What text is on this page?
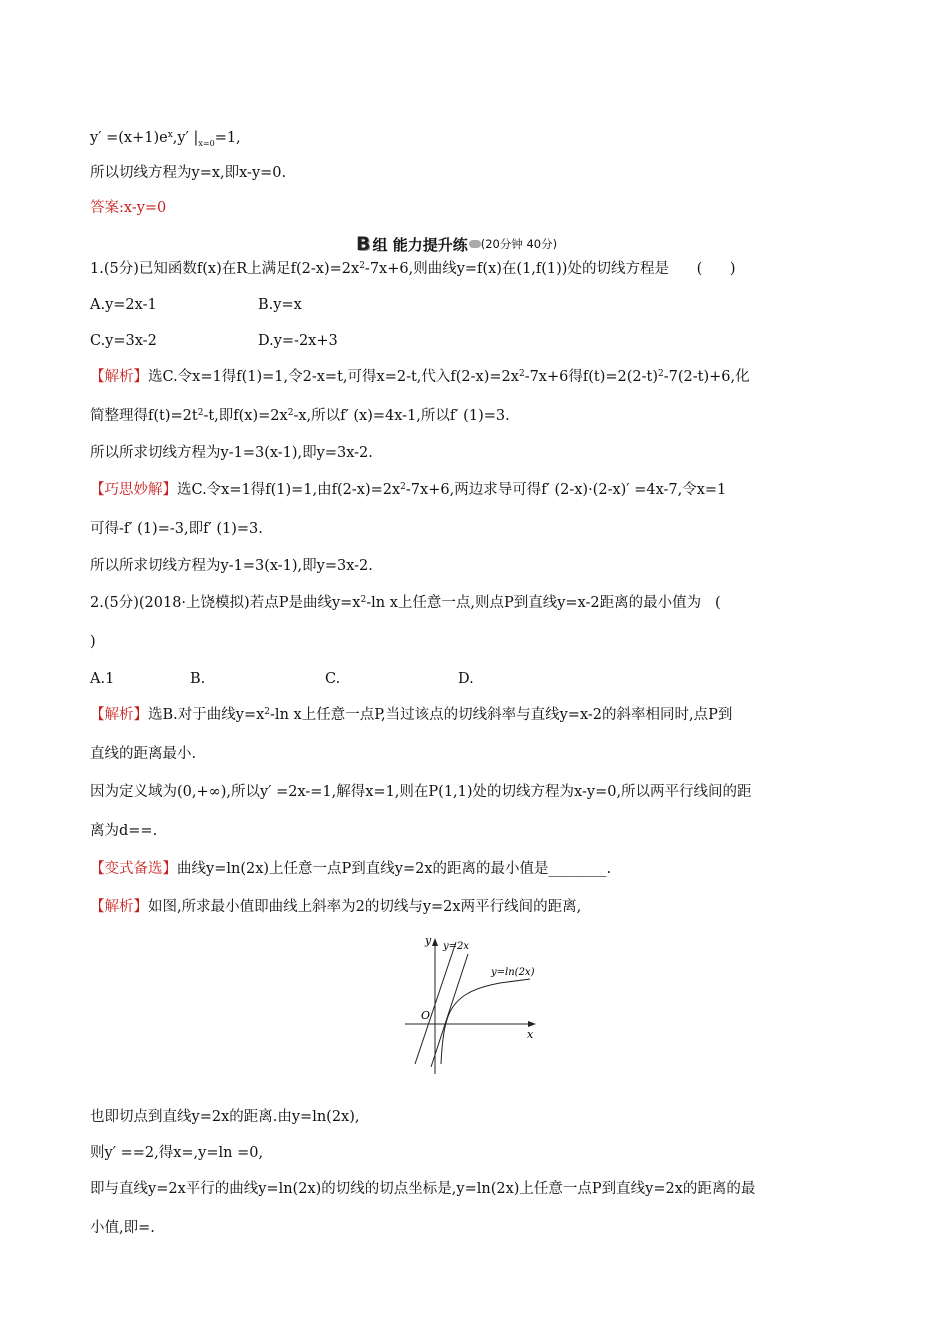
$y' =(x+1)e^x,y'$ $|_{x=0}=1$,
所以切线方程为y=x,即x-y=0.
答案:x-y=0
B 组 能力提升练 (20分钟 40分)
1.(5分)已知函数f(x)在R上满足$f(2-x)=2x^2-7x+6$,则曲线y=f(x)在(1,f(1))处的切线方程是      (      )
A.y=2x-1	B.y=x
C.y=3x-2	D.y=-2x+3
【解析】选C.令x=1得f(1)=1,令2-x=t,可得x=2-t,代入$f(2-x)=2x^2-7x+6$得$f(t)=2(2-t)^2-7(2-t)+6$,化
简整理得$f(t)=2t^2-t$,即$f(x)=2x^2-x$,所以f′ (x)=4x-1,所以f′ (1)=3.
所以所求切线方程为y-1=3(x-1),即y=3x-2.
【巧思妙解】选C.令x=1得f(1)=1,由$f(2-x)=2x^2-7x+6$,两边求导可得f′ (2-x)·(2-x)′ =4x-7,令x=1
可得-f′ (1)=-3,即f′ (1)=3.
所以所求切线方程为y-1=3(x-1),即y=3x-2.
2.(5分)(2018·上饶模拟)若点P是曲线$y=x^2-\ln$ x上任意一点,则点P到直线y=x-2距离的最小值为   (
)
A.1	B.	C.	D.
【解析】选B.对于曲线$y=x^2-\ln$ x上任意一点P,当过该点的切线斜率与直线y=x-2的斜率相同时,点P到
直线的距离最小.
因为定义域为(0,+∞),所以y′ =2x-=1,解得x=1,则在P(1,1)处的切线方程为x-y=0,所以两平行线间的距
离为d==.
【变式备选】曲线y=ln(2x)上任意一点P到直线y=2x的距离的最小值是________.
【解析】如图,所求最小值即曲线上斜率为2的切线与y=2x两平行线间的距离,
y
x
O
y=2x
y=ln(2x)
也即切点到直线y=2x的距离.由y=ln(2x),
则y′ ==2,得x=,y=ln =0,
即与直线y=2x平行的曲线y=ln(2x)的切线的切点坐标是,y=ln(2x)上任意一点P到直线y=2x的距离的最
小值,即=.
